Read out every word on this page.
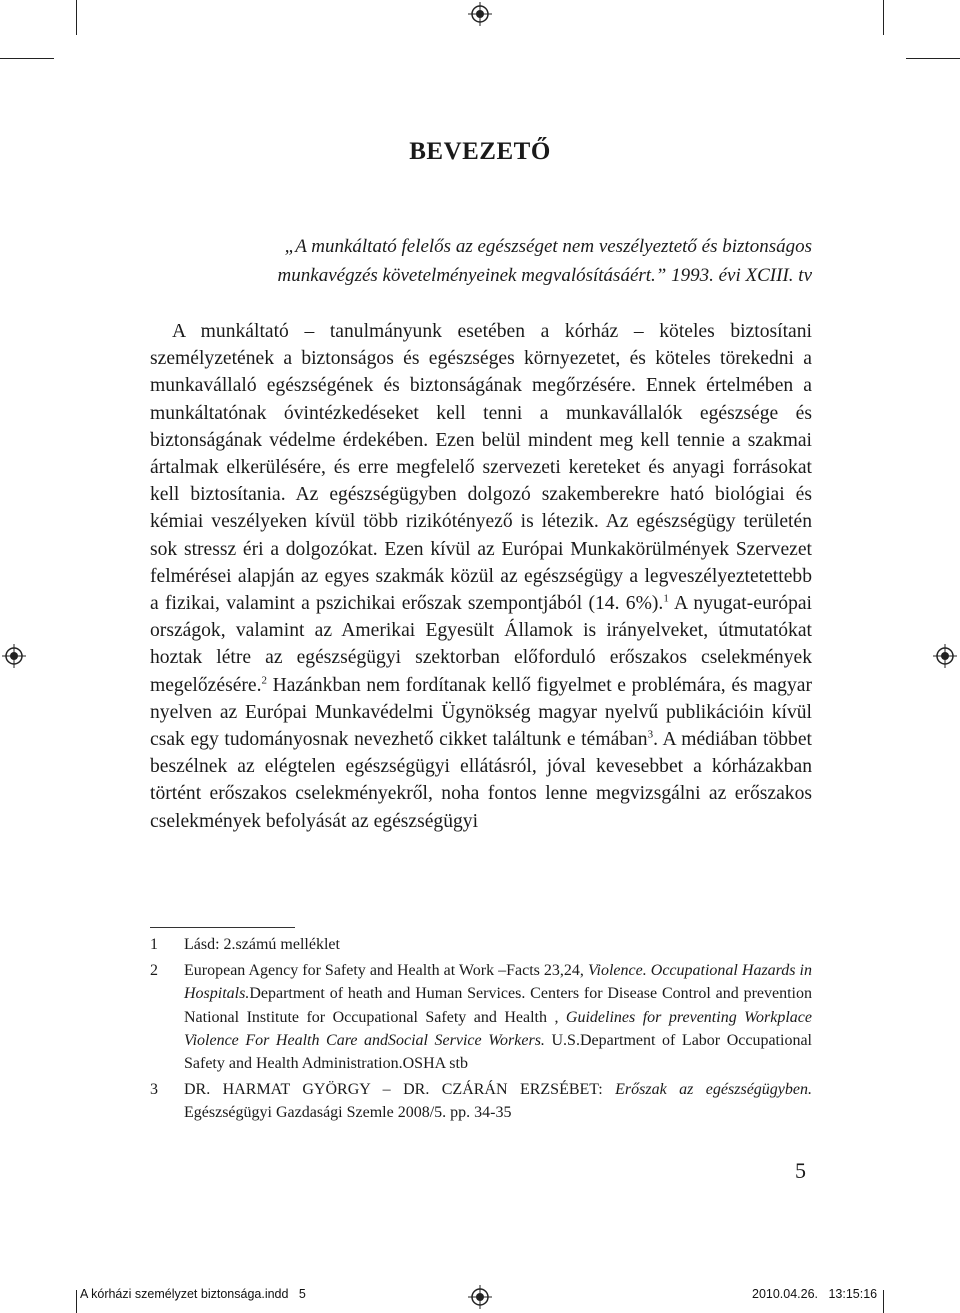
BEVEZETŐ
„A munkáltató felelős az egészséget nem veszélyeztető és biztonságos
munkavégzés követelményeinek megvalósításáért.” 1993. évi XCIII. tv

A munkáltató – tanulmányunk esetében a kórház – köteles biztosítani személyzetének a biztonságos és egészséges környezetet, és köteles törekedni a munkavállaló egészségének és biztonságának megőrzésére. Ennek értelmében a munkáltatónak óvintézkedéseket kell tenni a munkavállalók egészsége és biztonságának védelme érdekében. Ezen belül mindent meg kell tennie a szakmai ártalmak elkerülésére, és erre megfelelő szervezeti kereteket és anyagi forrásokat kell biztosítania. Az egészségügyben dolgozó szakemberekre ható biológiai és kémiai veszélyeken kívül több rizikótényező is létezik. Az egészségügy területén sok stressz éri a dolgozókat. Ezen kívül az Európai Munkakörülmények Szervezet felmérései alapján az egyes szakmák közül az egészségügy a legveszélyeztetettebb a fizikai, valamint a pszichikai erőszak szempontjából (14. 6%).$^1$ A nyugat-európai országok, valamint az Amerikai Egyesült Államok is irányelveket, útmutatókat hoztak létre az egészségügyi szektorban előforduló erőszakos cselekmények megelőzésére.$^2$ Hazánkban nem fordítanak kellő figyelmet e problémára, és magyar nyelven az Európai Munkavédelmi Ügynökség magyar nyelvű publikációin kívül csak egy tudományosnak nevezhető cikket találtunk e témában$^3$. A médiában többet beszélnek az elégtelen egészségügyi ellátásról, jóval kevesebbet a kórházakban történt erőszakos cselekményekről, noha fontos lenne megvizsgálni az erőszakos cselekmények befolyását az egészségügyi

1	Lásd: 2.számú melléklet
2	European Agency for Safety and Health at Work –Facts 23,24, Violence. Occupational Hazards in Hospitals.Department of heath and Human Services. Centers for Disease Control and prevention National Institute for Occupational Safety and Health , Guidelines for preventing Workplace Violence For Health Care andSocial Service Workers. U.S.Department of Labor Occupational Safety and Health Administration.OSHA stb
3	DR. HARMAT GYÖRGY – DR. CZÁRÁN ERZSÉBET: Erőszak az egészségügyben. Egészségügyi Gazdasági Szemle 2008/5. pp. 34-35
5
A kórházi személyzet biztonsága.indd   5	2010.04.26.   13:15:16
